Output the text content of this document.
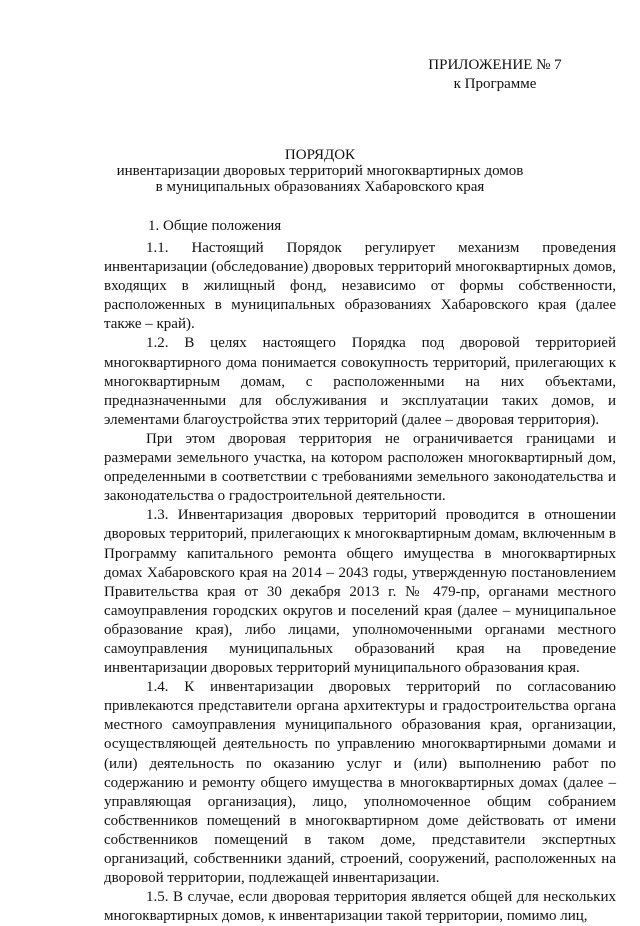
ПРИЛОЖЕНИЕ № 7
к Программе
ПОРЯДОК
инвентаризации дворовых территорий многоквартирных домов
в муниципальных образованиях Хабаровского края
1. Общие положения

1.1. Настоящий Порядок регулирует механизм проведения инвентаризации (обследование) дворовых территорий многоквартирных домов, входящих в жилищный фонд, независимо от формы собственности, расположенных в муниципальных образованиях Хабаровского края (далее также – край).

1.2. В целях настоящего Порядка под дворовой территорией многоквартирного дома понимается совокупность территорий, прилегающих к многоквартирным домам, с расположенными на них объектами, предназначенными для обслуживания и эксплуатации таких домов, и элементами благоустройства этих территорий (далее – дворовая территория).

При этом дворовая территория не ограничивается границами и размерами земельного участка, на котором расположен многоквартирный дом, определенными в соответствии с требованиями земельного законодательства и законодательства о градостроительной деятельности.

1.3. Инвентаризация дворовых территорий проводится в отношении дворовых территорий, прилегающих к многоквартирным домам, включенным в Программу капитального ремонта общего имущества в многоквартирных домах Хабаровского края на 2014 – 2043 годы, утвержденную постановлением Правительства края от 30 декабря 2013 г. № 479-пр, органами местного самоуправления городских округов и поселений края (далее – муниципальное образование края), либо лицами, уполномоченными органами местного самоуправления муниципальных образований края на проведение инвентаризации дворовых территорий муниципального образования края.

1.4. К инвентаризации дворовых территорий по согласованию привлекаются представители органа архитектуры и градостроительства органа местного самоуправления муниципального образования края, организации, осуществляющей деятельность по управлению многоквартирными домами и (или) деятельность по оказанию услуг и (или) выполнению работ по содержанию и ремонту общего имущества в многоквартирных домах (далее – управляющая организация), лицо, уполномоченное общим собранием собственников помещений в многоквартирном доме действовать от имени собственников помещений в таком доме, представители экспертных организаций, собственники зданий, строений, сооружений, расположенных на дворовой территории, подлежащей инвентаризации.

1.5. В случае, если дворовая территория является общей для нескольких многоквартирных домов, к инвентаризации такой территории, помимо лиц,
